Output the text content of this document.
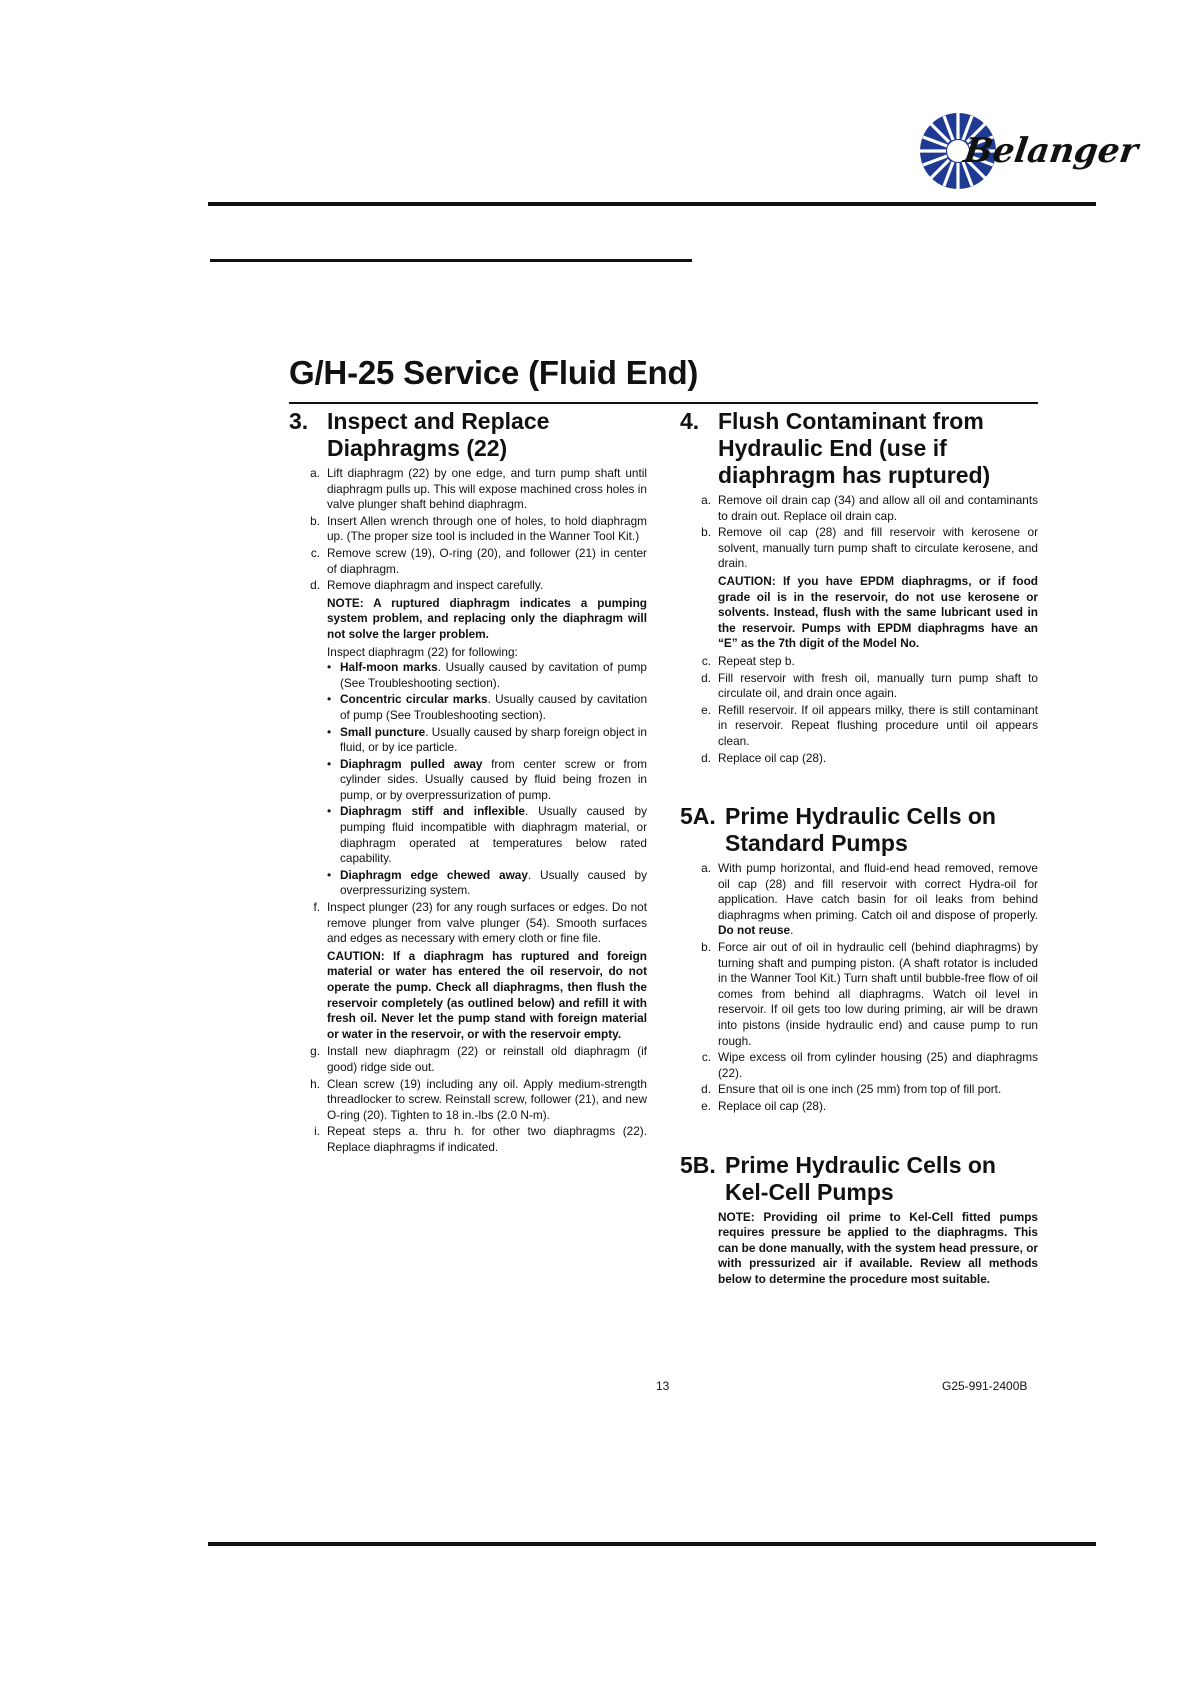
Belanger
G/H-25 Service (Fluid End)
3. Inspect and Replace Diaphragms (22)
a. Lift diaphragm (22) by one edge, and turn pump shaft until diaphragm pulls up. This will expose machined cross holes in valve plunger shaft behind diaphragm.
b. Insert Allen wrench through one of holes, to hold diaphragm up. (The proper size tool is included in the Wanner Tool Kit.)
c. Remove screw (19), O-ring (20), and follower (21) in center of diaphragm.
d. Remove diaphragm and inspect carefully.
NOTE: A ruptured diaphragm indicates a pumping system problem, and replacing only the diaphragm will not solve the larger problem.
Inspect diaphragm (22) for following:
• Half-moon marks. Usually caused by cavitation of pump (See Troubleshooting section).
• Concentric circular marks. Usually caused by cavitation of pump (See Troubleshooting section).
• Small puncture. Usually caused by sharp foreign object in fluid, or by ice particle.
• Diaphragm pulled away from center screw or from cylinder sides. Usually caused by fluid being frozen in pump, or by overpressurization of pump.
• Diaphragm stiff and inflexible. Usually caused by pumping fluid incompatible with diaphragm material, or diaphragm operated at temperatures below rated capability.
• Diaphragm edge chewed away. Usually caused by overpressurizing system.
f. Inspect plunger (23) for any rough surfaces or edges. Do not remove plunger from valve plunger (54). Smooth surfaces and edges as necessary with emery cloth or fine file.
CAUTION: If a diaphragm has ruptured and foreign material or water has entered the oil reservoir, do not operate the pump. Check all diaphragms, then flush the reservoir completely (as outlined below) and refill it with fresh oil. Never let the pump stand with foreign material or water in the reservoir, or with the reservoir empty.
g. Install new diaphragm (22) or reinstall old diaphragm (if good) ridge side out.
h. Clean screw (19) including any oil. Apply medium-strength threadlocker to screw. Reinstall screw, follower (21), and new O-ring (20). Tighten to 18 in.-lbs (2.0 N-m).
i. Repeat steps a. thru h. for other two diaphragms (22). Replace diaphragms if indicated.
4. Flush Contaminant from Hydraulic End (use if diaphragm has ruptured)
a. Remove oil drain cap (34) and allow all oil and contaminants to drain out. Replace oil drain cap.
b. Remove oil cap (28) and fill reservoir with kerosene or solvent, manually turn pump shaft to circulate kerosene, and drain.
CAUTION: If you have EPDM diaphragms, or if food grade oil is in the reservoir, do not use kerosene or solvents. Instead, flush with the same lubricant used in the reservoir. Pumps with EPDM diaphragms have an “E” as the 7th digit of the Model No.
c. Repeat step b.
d. Fill reservoir with fresh oil, manually turn pump shaft to circulate oil, and drain once again.
e. Refill reservoir. If oil appears milky, there is still contaminant in reservoir. Repeat flushing procedure until oil appears clean.
d. Replace oil cap (28).
5A. Prime Hydraulic Cells on Standard Pumps
a. With pump horizontal, and fluid-end head removed, remove oil cap (28) and fill reservoir with correct Hydra-oil for application. Have catch basin for oil leaks from behind diaphragms when priming. Catch oil and dispose of properly. Do not reuse.
b. Force air out of oil in hydraulic cell (behind diaphragms) by turning shaft and pumping piston. (A shaft rotator is included in the Wanner Tool Kit.) Turn shaft until bubble-free flow of oil comes from behind all diaphragms. Watch oil level in reservoir. If oil gets too low during priming, air will be drawn into pistons (inside hydraulic end) and cause pump to run rough.
c. Wipe excess oil from cylinder housing (25) and diaphragms (22).
d. Ensure that oil is one inch (25 mm) from top of fill port.
e. Replace oil cap (28).
5B. Prime Hydraulic Cells on Kel-Cell Pumps
NOTE: Providing oil prime to Kel-Cell fitted pumps requires pressure be applied to the diaphragms. This can be done manually, with the system head pressure, or with pressurized air if available. Review all methods below to determine the procedure most suitable.
13	G25-991-2400B
